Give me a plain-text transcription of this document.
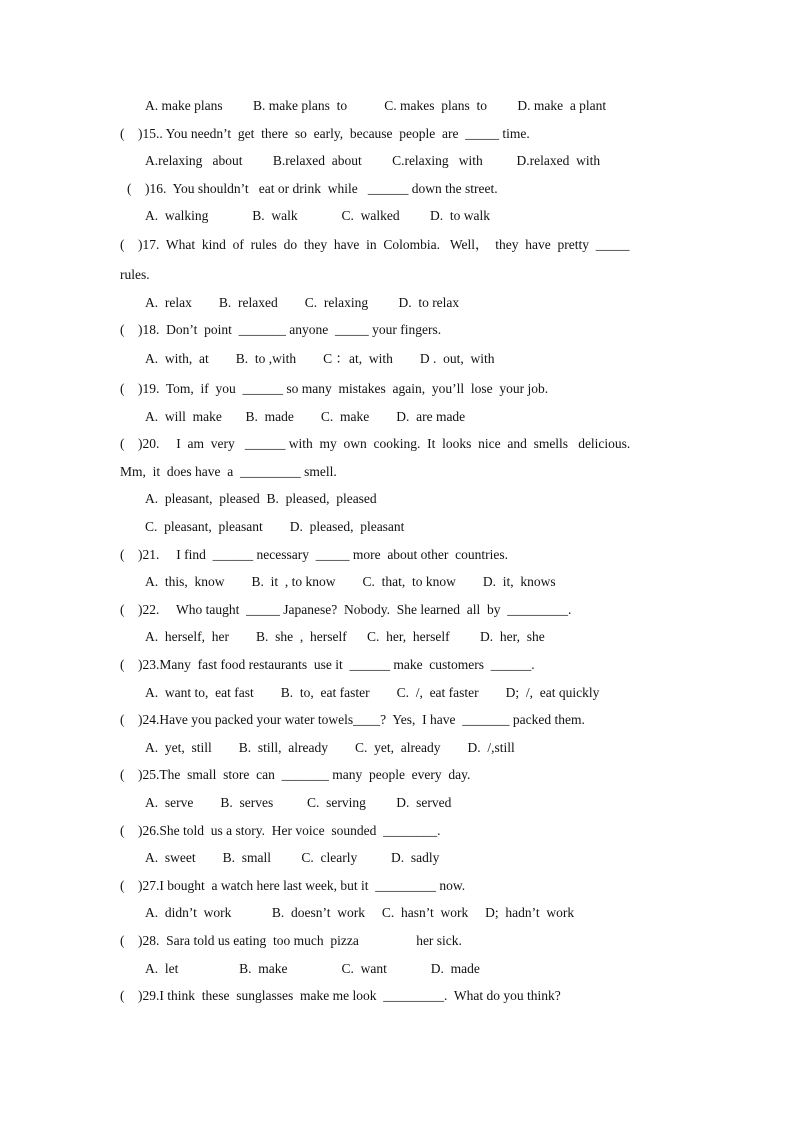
A. make plans         B. make plans  to           C. makes  plans  to         D. make  a plant
(    )15.. You needn’t  get  there  so  early,  because  people  are  _____ time.
A.relaxing   about         B.relaxed  about         C.relaxing   with          D.relaxed  with
(    )16.  You shouldn’t   eat or drink  while   ______ down the street.
A.  walking             B.  walk             C.  walked         D.  to walk
(    )17.  What  kind  of  rules  do  they  have  in  Colombia.   Well，  they  have  pretty  _____
rules.
A.  relax        B.  relaxed        C.  relaxing         D.  to relax
(    )18.  Don’t  point  _______ anyone  _____ your fingers.
A.  with,  at        B.  to ,with        C ：at,  with        D .  out,  with
(    )19.  Tom,  if  you  ______ so many  mistakes  again,  you’ll  lose  your job.
A.  will  make       B.  made        C.  make        D.  are made
(    )20.     I  am  very   ______ with  my  own  cooking.  It  looks  nice  and  smells   delicious.
Mm,  it  does have  a  _________ smell.
A.  pleasant,  pleased  B.  pleased,  pleased
C.  pleasant,  pleasant        D.  pleased,  pleasant
(    )21.     I find  ______ necessary  _____ more  about other  countries.
A.  this,  know        B.  it  , to know        C.  that,  to know        D.  it,  knows
(    )22.     Who taught  _____ Japanese?  Nobody.  She learned  all  by  _________.
A.  herself,  her        B.  she  ,  herself      C.  her,  herself         D.  her,  she
(    )23.Many  fast food restaurants  use it  ______ make  customers  ______.
A.  want to,  eat fast        B.  to,  eat faster        C.  /,  eat faster        D;  /,  eat quickly
(    )24.Have you packed your water towels____?  Yes,  I have  _______ packed them.
A.  yet,  still        B.  still,  already        C.  yet,  already        D.  /,still
(    )25.The  small  store  can  _______ many  people  every  day.
A.  serve        B.  serves          C.  serving         D.  served
(    )26.She told  us a story.  Her voice  sounded  ________.
A.  sweet        B.  small         C.  clearly          D.  sadly
(    )27.I bought  a watch here last week, but it  _________ now.
A.  didn’t  work            B.  doesn’t  work     C.  hasn’t  work     D;  hadn’t  work
(    )28.  Sara told us eating  too much  pizza                 her sick.
A.  let                  B.  make                C.  want             D.  made
(    )29.I think  these  sunglasses  make me look  _________.  What do you think?
